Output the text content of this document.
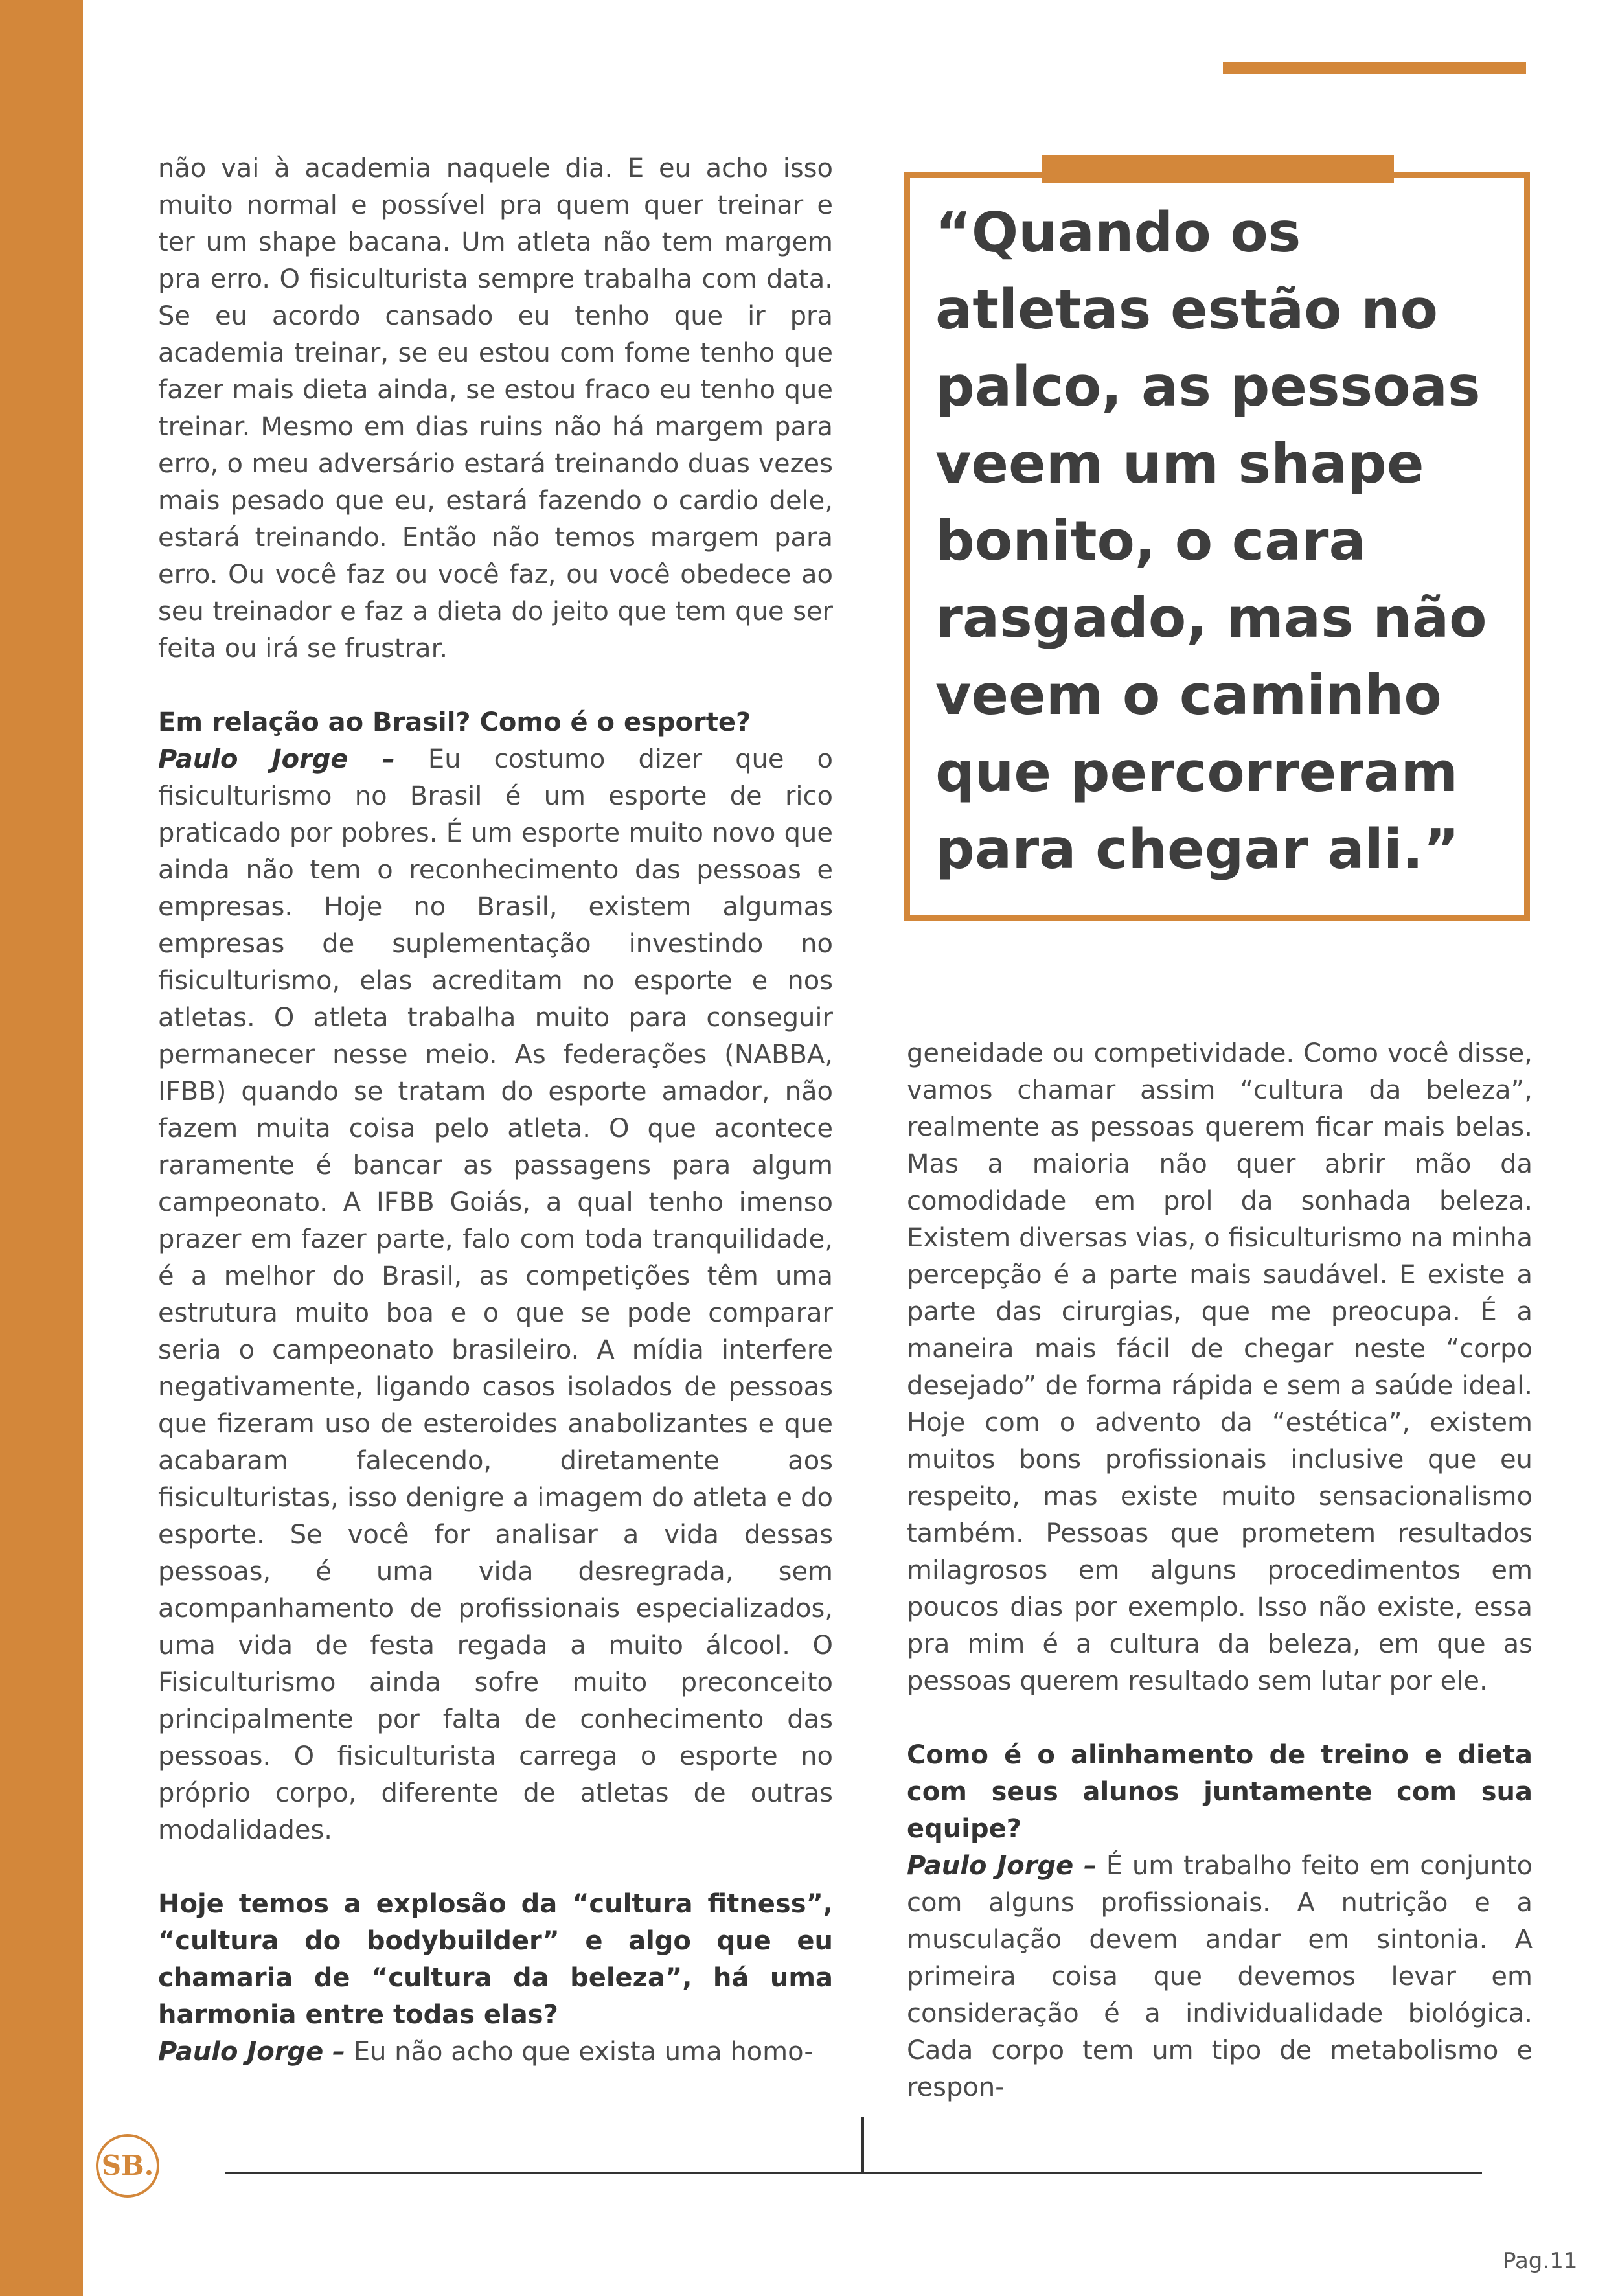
não vai à academia naquele dia. E eu acho isso muito normal e possível pra quem quer treinar e ter um shape bacana. Um atleta não tem margem pra erro. O fisiculturista sempre trabalha com data. Se eu acordo cansado eu tenho que ir pra academia treinar, se eu estou com fome tenho que fazer mais dieta ainda, se estou fraco eu tenho que treinar. Mesmo em dias ruins não há margem para erro, o meu adversário estará treinando duas vezes mais pesado que eu, estará fazendo o cardio dele, estará treinando. Então não temos margem para erro. Ou você faz ou você faz, ou você obedece ao seu treinador e faz a dieta do jeito que tem que ser feita ou irá se frustrar.

Em relação ao Brasil? Como é o esporte?
Paulo Jorge – Eu costumo dizer que o fisiculturismo no Brasil é um esporte de rico praticado por pobres. É um esporte muito novo que ainda não tem o reconhecimento das pessoas e empresas. Hoje no Brasil, existem algumas empresas de suplementação investindo no fisiculturismo, elas acreditam no esporte e nos atletas. O atleta trabalha muito para conseguir permanecer nesse meio. As federações (NABBA, IFBB) quando se tratam do esporte amador, não fazem muita coisa pelo atleta. O que acontece raramente é bancar as passagens para algum campeonato. A IFBB Goiás, a qual tenho imenso prazer em fazer parte, falo com toda tranquilidade, é a melhor do Brasil, as competições têm uma estrutura muito boa e o que se pode comparar seria o campeonato brasileiro. A mídia interfere negativamente, ligando casos isolados de pessoas que fizeram uso de esteroides anabolizantes e que acabaram falecendo, diretamente aos fisiculturistas, isso denigre a imagem do atleta e do esporte. Se você for analisar a vida dessas pessoas, é uma vida desregrada, sem acompanhamento de profissionais especializados, uma vida de festa regada a muito álcool. O Fisiculturismo ainda sofre muito preconceito principalmente por falta de conhecimento das pessoas. O fisiculturista carrega o esporte no próprio corpo, diferente de atletas de outras modalidades.

Hoje temos a explosão da “cultura fitness”, “cultura do bodybuilder” e algo que eu chamaria de “cultura da beleza”, há uma harmonia entre todas elas?
Paulo Jorge – Eu não acho que exista uma homo-

“Quando os atletas estão no palco, as pessoas veem um shape bonito, o cara rasgado, mas não veem o caminho que percorreram para chegar ali.”

geneidade ou competividade. Como você disse, vamos chamar assim “cultura da beleza”, realmente as pessoas querem ficar mais belas. Mas a maioria não quer abrir mão da comodidade em prol da sonhada beleza. Existem diversas vias, o fisiculturismo na minha percepção é a parte mais saudável. E existe a parte das cirurgias, que me preocupa. É a maneira mais fácil de chegar neste “corpo desejado” de forma rápida e sem a saúde ideal. Hoje com o advento da “estética”, existem muitos bons profissionais inclusive que eu respeito, mas existe muito sensacionalismo também. Pessoas que prometem resultados milagrosos em alguns procedimentos em poucos dias por exemplo. Isso não existe, essa pra mim é a cultura da beleza, em que as pessoas querem resultado sem lutar por ele.

Como é o alinhamento de treino e dieta com seus alunos juntamente com sua equipe?
Paulo Jorge – É um trabalho feito em conjunto com alguns profissionais. A nutrição e a musculação devem andar em sintonia. A primeira coisa que devemos levar em consideração é a individualidade biológica. Cada corpo tem um tipo de metabolismo e respon-

SB.
Pag.11
